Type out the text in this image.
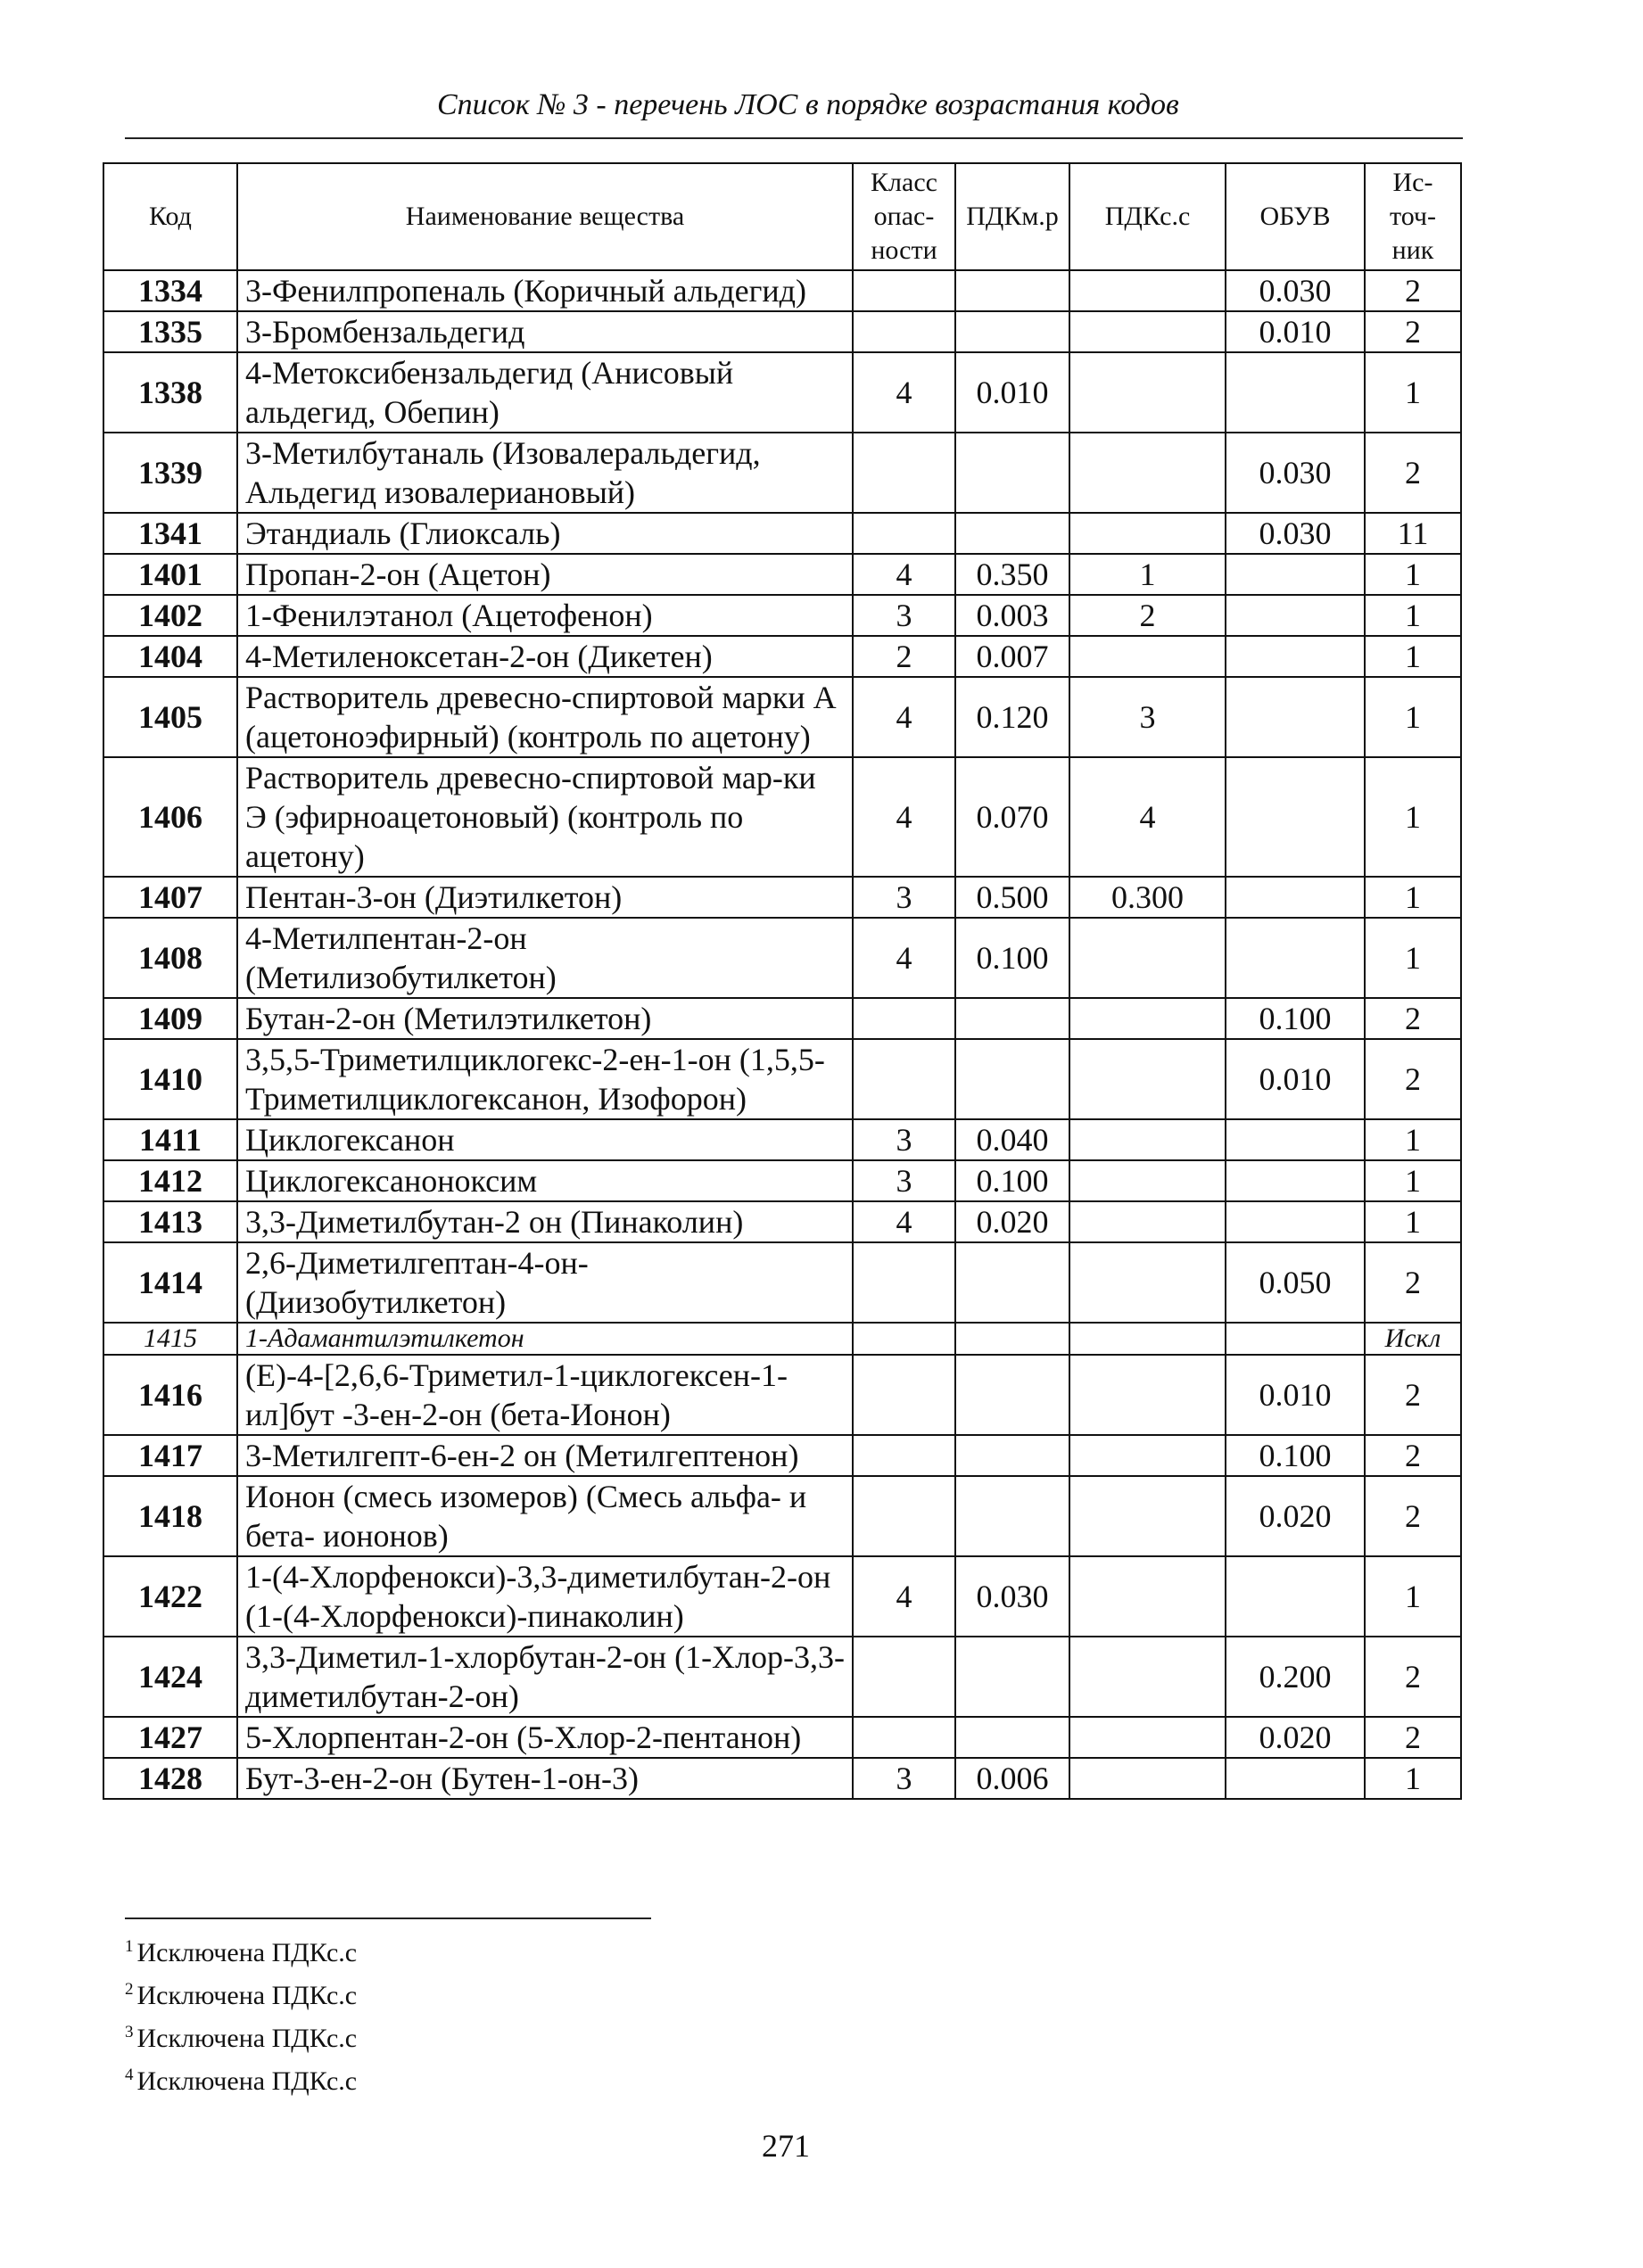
Список № 3 - перечень ЛОС в порядке возрастания кодов
Код	Наименование вещества	Класс опас-ности	ПДКм.р	ПДКс.с	ОБУВ	Ис-точ-ник
1334	3-Фенилпропеналь (Коричный альдегид)				0.030	2
1335	3-Бромбензальдегид				0.010	2
1338	4-Метоксибензальдегид (Анисовый альдегид, Обепин)	4	0.010			1
1339	3-Метилбутаналь (Изовалеральдегид, Альдегид изовалериановый)				0.030	2
1341	Этандиаль (Глиоксаль)				0.030	11
1401	Пропан-2-он (Ацетон)	4	0.350	1		1
1402	1-Фенилэтанол (Ацетофенон)	3	0.003	2		1
1404	4-Метиленоксетан-2-он (Дикетен)	2	0.007			1
1405	Растворитель древесно-спиртовой марки А (ацетоноэфирный) (контроль по ацетону)	4	0.120	3		1
1406	Растворитель древесно-спиртовой мар-ки Э (эфирноацетоновый) (контроль по ацетону)	4	0.070	4		1
1407	Пентан-3-он (Диэтилкетон)	3	0.500	0.300		1
1408	4-Метилпентан-2-он (Метилизобутилкетон)	4	0.100			1
1409	Бутан-2-он (Метилэтилкетон)				0.100	2
1410	3,5,5-Триметилциклогекс-2-ен-1-он (1,5,5-Триметилциклогексанон, Изофорон)				0.010	2
1411	Циклогексанон	3	0.040			1
1412	Циклогексаноноксим	3	0.100			1
1413	3,3-Диметилбутан-2 он (Пинаколин)	4	0.020			1
1414	2,6-Диметилгептан-4-он- (Диизобутилкетон)				0.050	2
1415	1-Адамантилэтилкетон					Искл
1416	(Е)-4-[2,6,6-Триметил-1-циклогексен-1-ил]бут -3-ен-2-он (бета-Ионон)				0.010	2
1417	3-Метилгепт-6-ен-2 он (Метилгептенон)				0.100	2
1418	Ионон (смесь изомеров) (Смесь альфа- и бета- иононов)				0.020	2
1422	1-(4-Хлорфенокси)-3,3-диметилбутан-2-он (1-(4-Хлорфенокси)-пинаколин)	4	0.030			1
1424	3,3-Диметил-1-хлорбутан-2-он (1-Хлор-3,3-диметилбутан-2-он)				0.200	2
1427	5-Хлорпентан-2-он (5-Хлор-2-пентанон)				0.020	2
1428	Бут-3-ен-2-он (Бутен-1-он-3)	3	0.006			1
$^1$ Исключена ПДКс.с
$^2$ Исключена ПДКс.с
$^3$ Исключена ПДКс.с
$^4$ Исключена ПДКс.с
271
